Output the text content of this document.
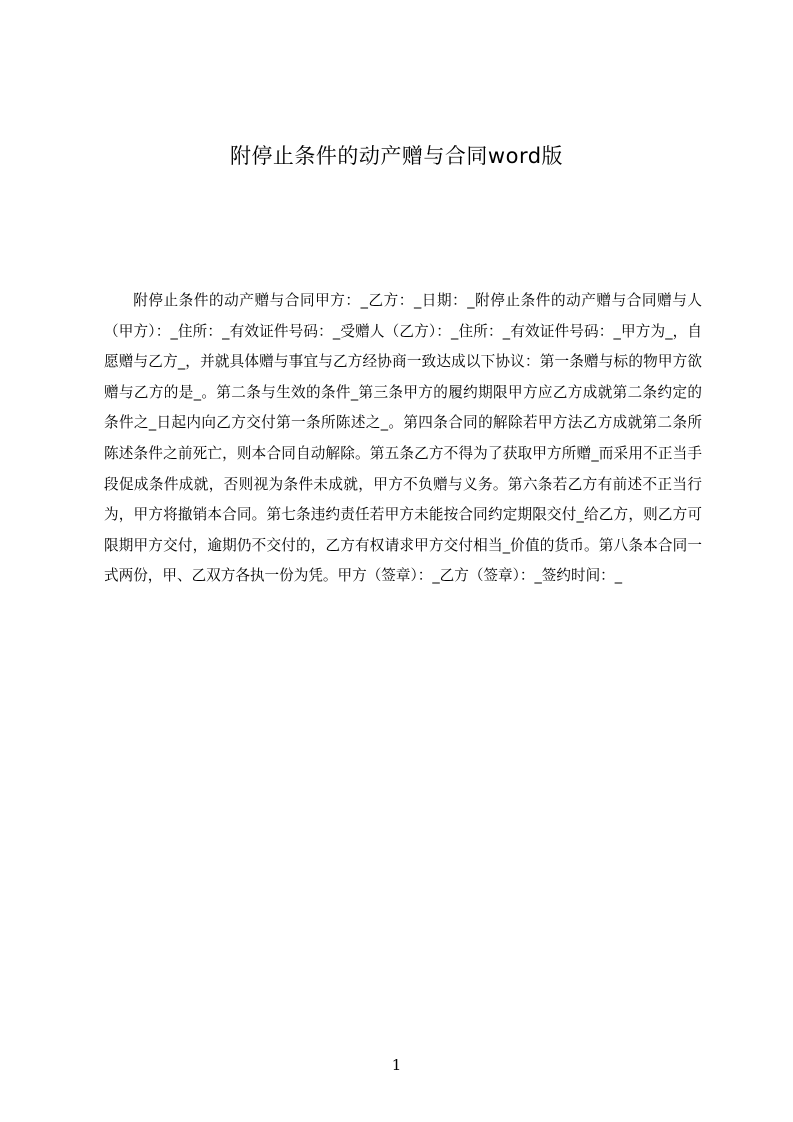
附停止条件的动产赠与合同word版

附停止条件的动产赠与合同甲方：_乙方：_日期：_附停止条件的动产赠与合同赠与人（甲方）：_住所：_有效证件号码：_受赠人（乙方）：_住所：_有效证件号码：_甲方为_，自愿赠与乙方_，并就具体赠与事宜与乙方经协商一致达成以下协议：第一条赠与标的物甲方欲赠与乙方的是_。第二条与生效的条件_第三条甲方的履约期限甲方应乙方成就第二条约定的条件之_日起内向乙方交付第一条所陈述之_。第四条合同的解除若甲方法乙方成就第二条所陈述条件之前死亡，则本合同自动解除。第五条乙方不得为了获取甲方所赠_而采用不正当手段促成条件成就，否则视为条件未成就，甲方不负赠与义务。第六条若乙方有前述不正当行为，甲方将撤销本合同。第七条违约责任若甲方未能按合同约定期限交付_给乙方，则乙方可限期甲方交付，逾期仍不交付的，乙方有权请求甲方交付相当_价值的货币。第八条本合同一式两份，甲、乙双方各执一份为凭。甲方（签章）：_乙方（签章）：_签约时间：_

1
